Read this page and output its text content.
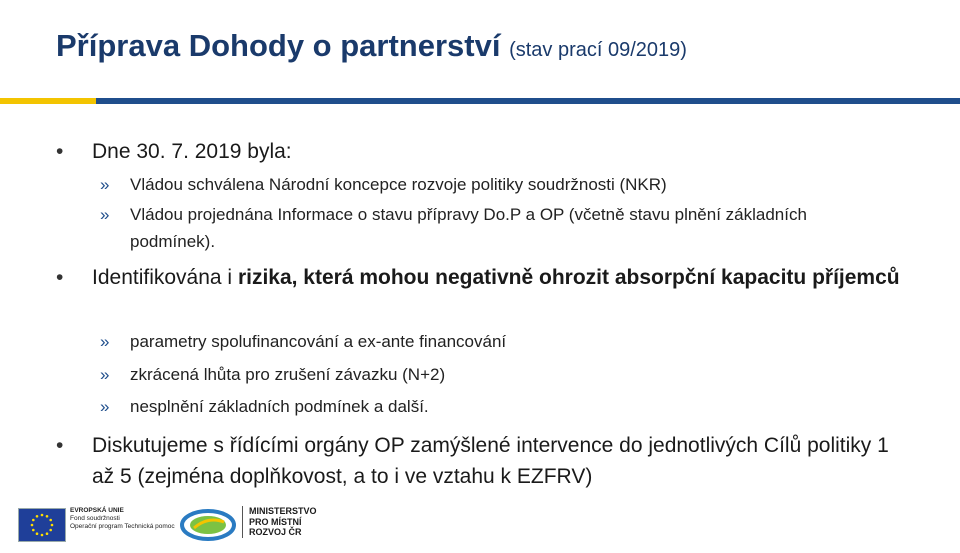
Příprava Dohody o partnerství (stav prací 09/2019)
•	Dne 30. 7. 2019 byla:
» Vládou schválena Národní koncepce rozvoje politiky soudržnosti (NKR)
» Vládou projednána Informace o stavu přípravy Do.P a OP (včetně stavu plnění základních podmínek).
•	Identifikována i rizika, která mohou negativně ohrozit absorpční kapacitu příjemců
» parametry spolufinancování a ex-ante financování
» zkrácená lhůta pro zrušení závazku (N+2)
» nesplnění základních podmínek a další.
•	Diskutujeme s řídícími orgány OP zamýšlené intervence do jednotlivých Cílů politiky 1 až 5 (zejména doplňkovost, a to i ve vztahu k EZFRV)
EVROPSKÁ UNIE
Fond soudržnosti
Operační program Technická pomoc
MINISTERSTVO
PRO MÍSTNÍ
ROZVOJ ČR
